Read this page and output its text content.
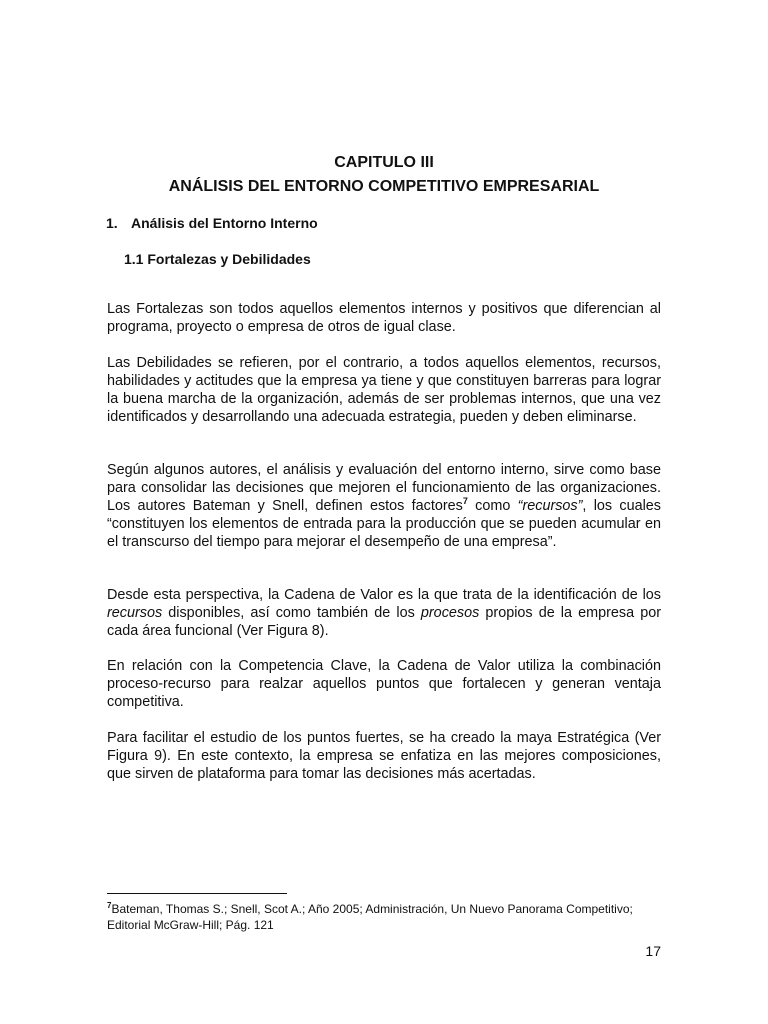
CAPITULO III
ANÁLISIS DEL ENTORNO COMPETITIVO EMPRESARIAL
1. Análisis del Entorno Interno
1.1 Fortalezas y Debilidades

Las Fortalezas son todos aquellos elementos internos y positivos que diferencian al programa, proyecto o empresa de otros de igual clase.

Las Debilidades se refieren, por el contrario, a todos aquellos elementos, recursos, habilidades y actitudes que la empresa ya tiene y que constituyen barreras para lograr la buena marcha de la organización, además de ser problemas internos, que una vez identificados y desarrollando una adecuada estrategia, pueden y deben eliminarse.

Según algunos autores, el análisis y evaluación del entorno interno, sirve como base para consolidar las decisiones que mejoren el funcionamiento de las organizaciones. Los autores Bateman y Snell, definen estos factores$^7$ como “recursos”, los cuales “constituyen los elementos de entrada para la producción que se pueden acumular en el transcurso del tiempo para mejorar el desempeño de una empresa”.

Desde esta perspectiva, la Cadena de Valor es la que trata de la identificación de los recursos disponibles, así como también de los procesos propios de la empresa por cada área funcional (Ver Figura 8).

En relación con la Competencia Clave, la Cadena de Valor utiliza la combinación proceso-recurso para realzar aquellos puntos que fortalecen y generan ventaja competitiva.

Para facilitar el estudio de los puntos fuertes, se ha creado la maya Estratégica (Ver Figura 9). En este contexto, la empresa se enfatiza en las mejores composiciones, que sirven de plataforma para tomar las decisiones más acertadas.

$^7$Bateman, Thomas S.; Snell, Scot A.; Año 2005; Administración, Un Nuevo Panorama Competitivo; Editorial McGraw-Hill; Pág. 121

17
